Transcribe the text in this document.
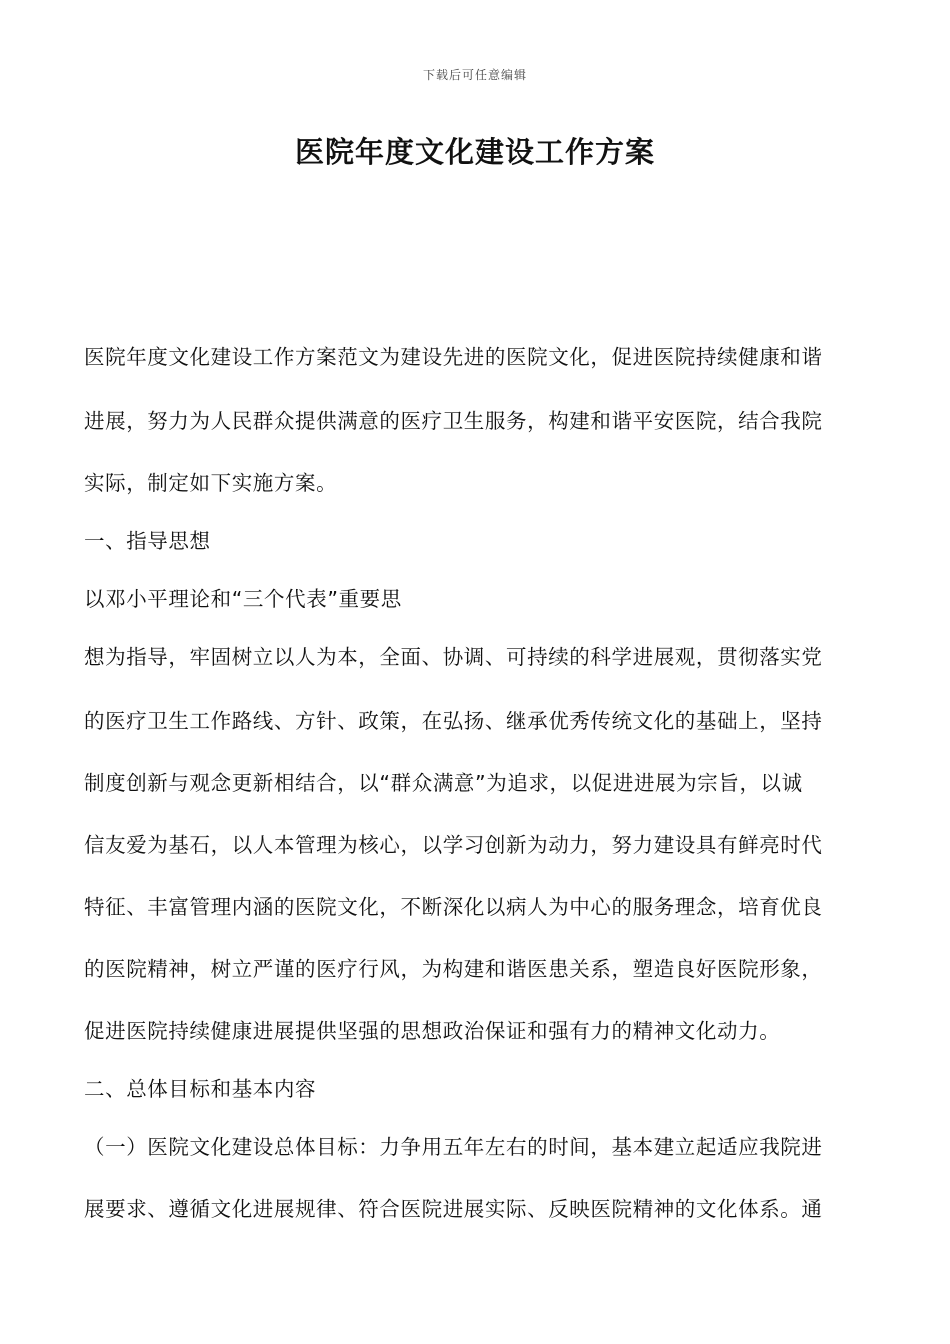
下载后可任意编辑
医院年度文化建设工作方案
医院年度文化建设工作方案范文为建设先进的医院文化，促进医院持续健康和谐
进展，努力为人民群众提供满意的医疗卫生服务，构建和谐平安医院，结合我院
实际，制定如下实施方案。
一、指导思想
以邓小平理论和“三个代表”重要思
想为指导，牢固树立以人为本，全面、协调、可持续的科学进展观，贯彻落实党
的医疗卫生工作路线、方针、政策，在弘扬、继承优秀传统文化的基础上，坚持
制度创新与观念更新相结合，以“群众满意”为追求，以促进进展为宗旨，以诚
信友爱为基石，以人本管理为核心，以学习创新为动力，努力建设具有鲜亮时代
特征、丰富管理内涵的医院文化，不断深化以病人为中心的服务理念，培育优良
的医院精神，树立严谨的医疗行风，为构建和谐医患关系，塑造良好医院形象，
促进医院持续健康进展提供坚强的思想政治保证和强有力的精神文化动力。
二、总体目标和基本内容
（一）医院文化建设总体目标：力争用五年左右的时间，基本建立起适应我院进
展要求、遵循文化进展规律、符合医院进展实际、反映医院精神的文化体系。通
